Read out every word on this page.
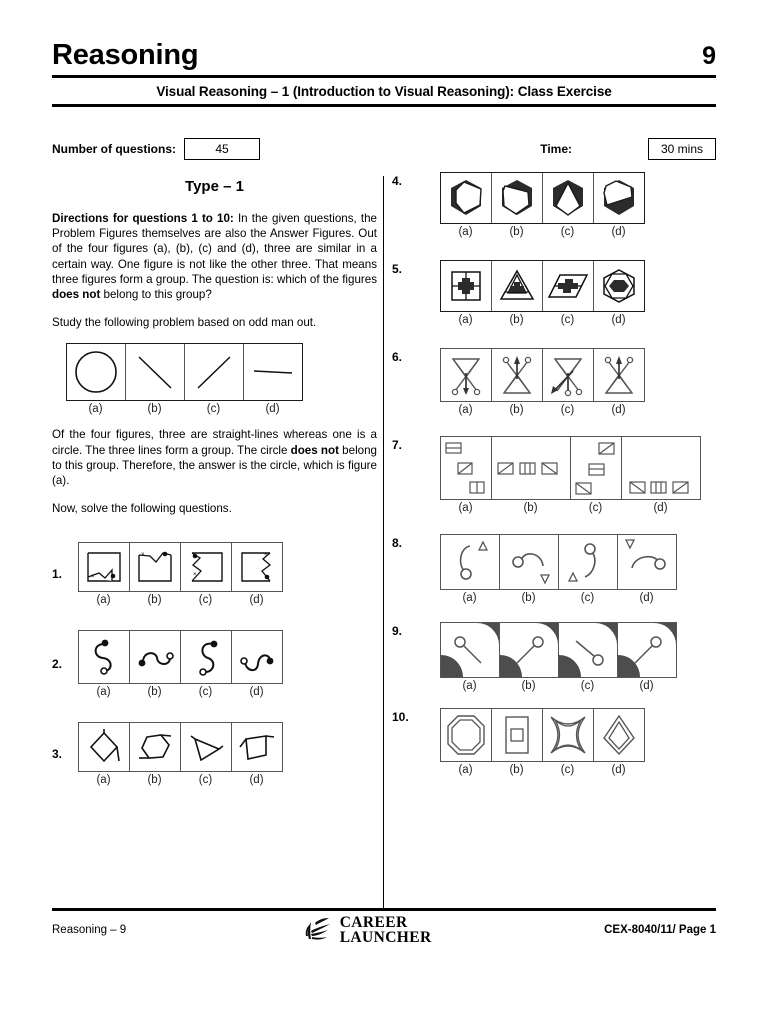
Reasoning	9
Visual Reasoning – 1 (Introduction to Visual Reasoning): Class Exercise
Number of questions:	45	Time:	30 mins
Type – 1

Directions for questions 1 to 10: In the given questions, the Problem Figures themselves are also the Answer Figures. Out of the four figures (a), (b), (c) and (d), three are similar in a certain way. One figure is not like the other three. That means three figures form a group. The question is: which of the figures does not belong to this group?

Study the following problem based on odd man out.

(a)	(b)	(c)	(d)

Of the four figures, three are straight-lines whereas one is a circle. The three lines form a group. The circle does not belong to this group. Therefore, the answer is the circle, which is figure (a).

Now, solve the following questions.

1.	×
×
×
×
(a)	(b)	(c)	(d)
2.
(a)	(b)	(c)	(d)
3.
(a)	(b)	(c)	(d)
4.
(a)	(b)	(c)	(d)
5.
(a)	(b)	(c)	(d)
6.
(a)	(b)	(c)	(d)
7.
(a)	(b)	(c)	(d)
8.
(a)	(b)	(c)	(d)
9.
(a)	(b)	(c)	(d)
10.
(a)	(b)	(c)	(d)
Reasoning – 9	CAREER
LAUNCHER	CEX-8040/11/ Page 1
